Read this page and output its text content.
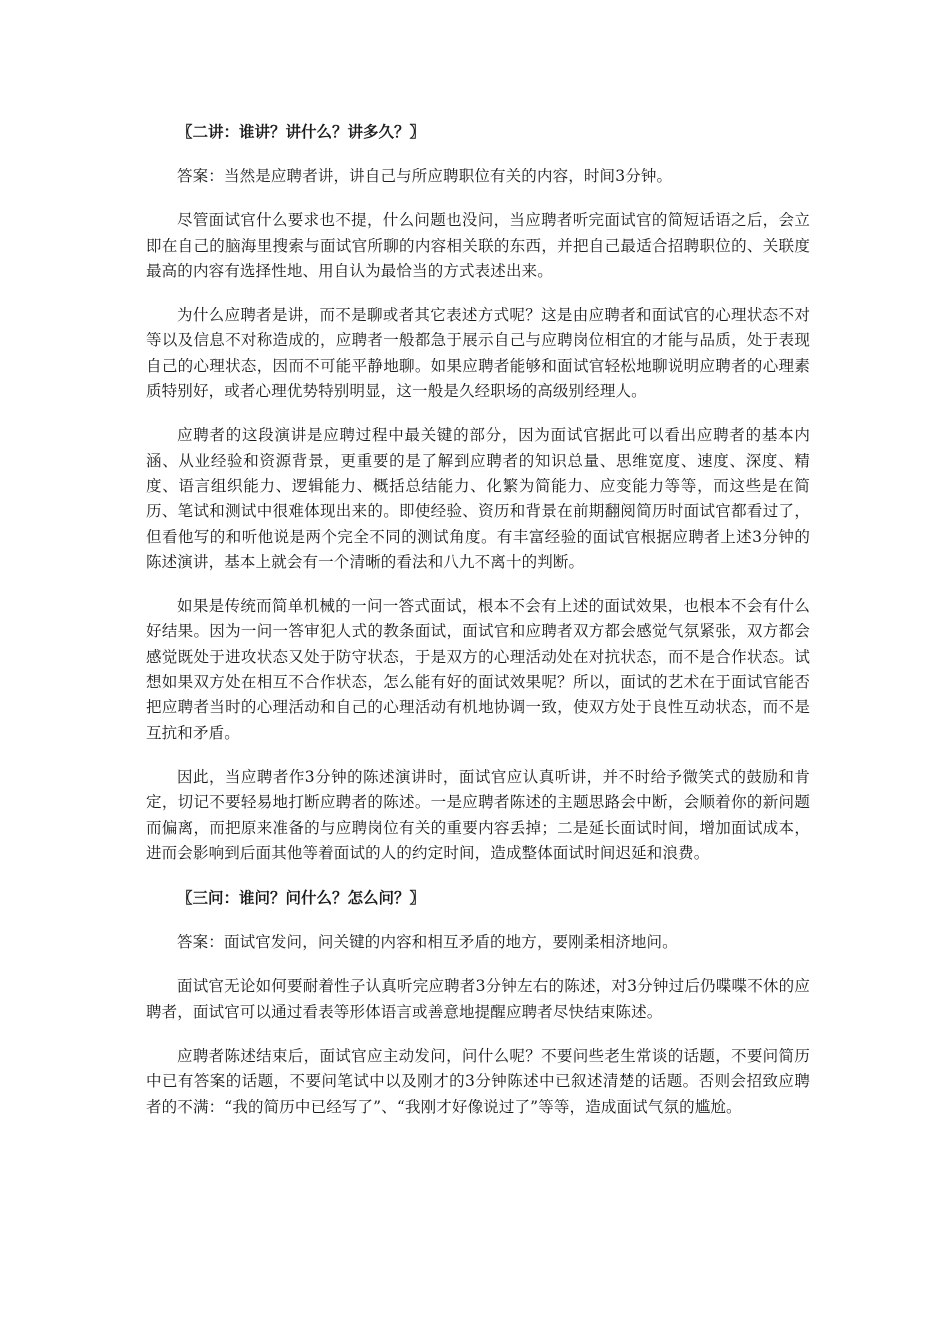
〖二讲：谁讲？讲什么？讲多久？〗

答案：当然是应聘者讲，讲自己与所应聘职位有关的内容，时间3分钟。

尽管面试官什么要求也不提，什么问题也没问，当应聘者听完面试官的简短话语之后，会立即在自己的脑海里搜索与面试官所聊的内容相关联的东西，并把自己最适合招聘职位的、关联度最高的内容有选择性地、用自认为最恰当的方式表述出来。

为什么应聘者是讲，而不是聊或者其它表述方式呢？这是由应聘者和面试官的心理状态不对等以及信息不对称造成的，应聘者一般都急于展示自己与应聘岗位相宜的才能与品质，处于表现自己的心理状态，因而不可能平静地聊。如果应聘者能够和面试官轻松地聊说明应聘者的心理素质特别好，或者心理优势特别明显，这一般是久经职场的高级别经理人。

应聘者的这段演讲是应聘过程中最关键的部分，因为面试官据此可以看出应聘者的基本内涵、从业经验和资源背景，更重要的是了解到应聘者的知识总量、思维宽度、速度、深度、精度、语言组织能力、逻辑能力、概括总结能力、化繁为简能力、应变能力等等，而这些是在简历、笔试和测试中很难体现出来的。即使经验、资历和背景在前期翻阅简历时面试官都看过了，但看他写的和听他说是两个完全不同的测试角度。有丰富经验的面试官根据应聘者上述3分钟的陈述演讲，基本上就会有一个清晰的看法和八九不离十的判断。

如果是传统而简单机械的一问一答式面试，根本不会有上述的面试效果，也根本不会有什么好结果。因为一问一答审犯人式的教条面试，面试官和应聘者双方都会感觉气氛紧张，双方都会感觉既处于进攻状态又处于防守状态，于是双方的心理活动处在对抗状态，而不是合作状态。试想如果双方处在相互不合作状态，怎么能有好的面试效果呢？所以，面试的艺术在于面试官能否把应聘者当时的心理活动和自己的心理活动有机地协调一致，使双方处于良性互动状态，而不是互抗和矛盾。

因此，当应聘者作3分钟的陈述演讲时，面试官应认真听讲，并不时给予微笑式的鼓励和肯定，切记不要轻易地打断应聘者的陈述。一是应聘者陈述的主题思路会中断，会顺着你的新问题而偏离，而把原来准备的与应聘岗位有关的重要内容丢掉；二是延长面试时间，增加面试成本，进而会影响到后面其他等着面试的人的约定时间，造成整体面试时间迟延和浪费。

〖三问：谁问？问什么？怎么问？〗

答案：面试官发问，问关键的内容和相互矛盾的地方，要刚柔相济地问。

面试官无论如何要耐着性子认真听完应聘者3分钟左右的陈述，对3分钟过后仍喋喋不休的应聘者，面试官可以通过看表等形体语言或善意地提醒应聘者尽快结束陈述。

应聘者陈述结束后，面试官应主动发问，问什么呢？不要问些老生常谈的话题，不要问简历中已有答案的话题，不要问笔试中以及刚才的3分钟陈述中已叙述清楚的话题。否则会招致应聘者的不满：“我的简历中已经写了”、“我刚才好像说过了”等等，造成面试气氛的尴尬。
